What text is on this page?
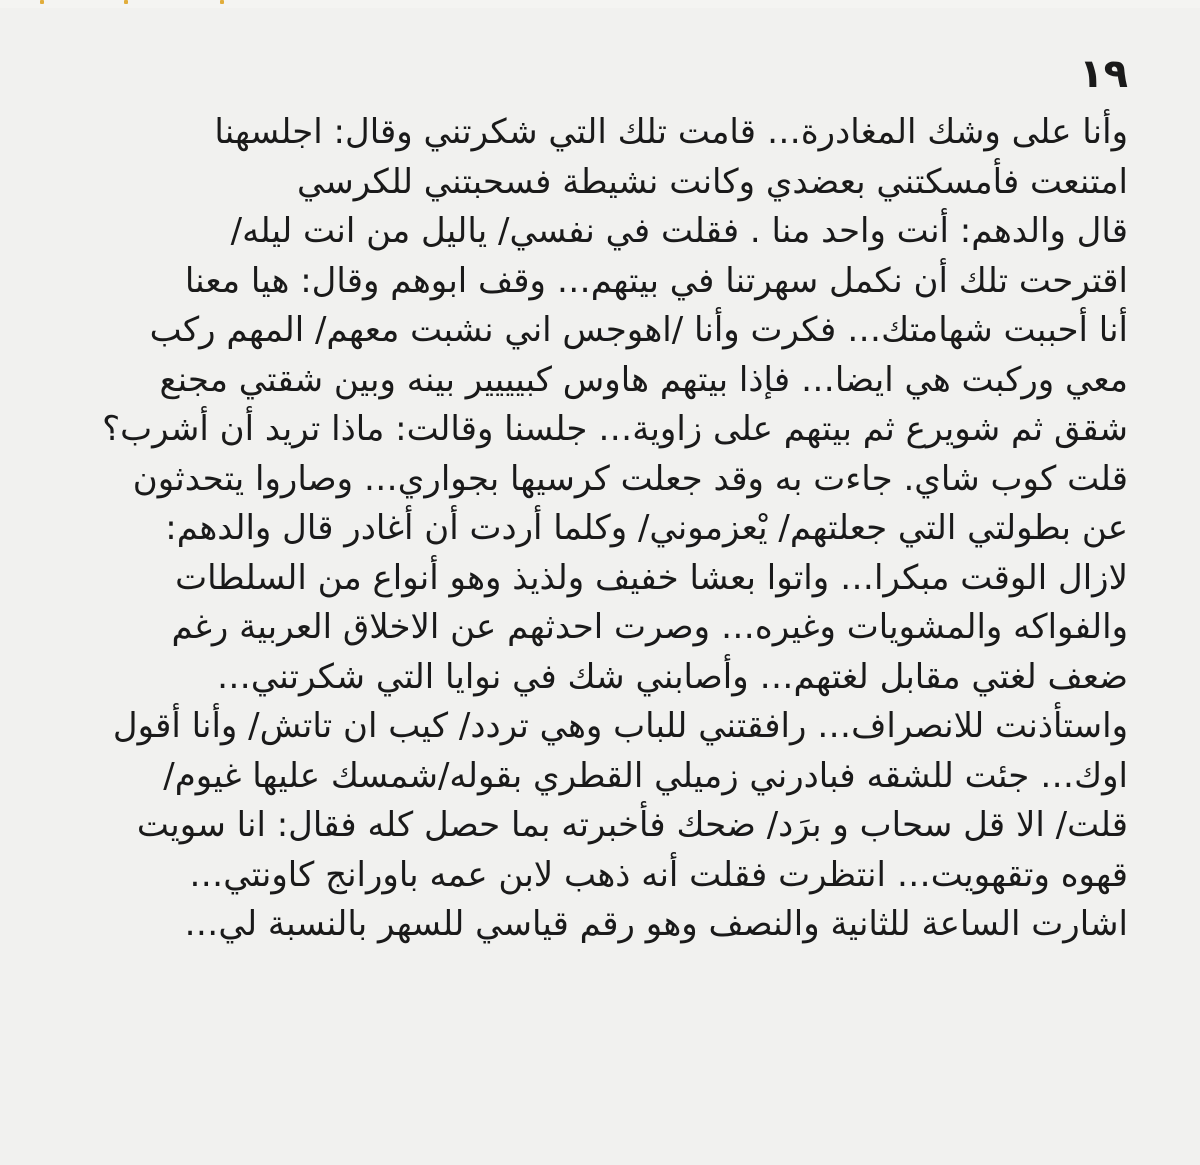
١٩
وأنا على وشك المغادرة… قامت تلك التي شكرتني وقال: اجلسهنا
امتنعت فأمسكتني بعضدي وكانت نشيطة فسحبتني للكرسي
قال والدهم: أنت واحد منا . فقلت في نفسي/ ياليل من انت ليله/
اقترحت تلك أن نكمل سهرتنا في بيتهم… وقف ابوهم وقال: هيا معنا
أنا أحببت شهامتك… فكرت وأنا /اهوجس اني نشبت معهم/ المهم ركب
معي وركبت هي ايضا… فإذا بيتهم هاوس كبيييير بينه وبين شقتي مجنع
شقق ثم شويرع ثم بيتهم على زاوية… جلسنا وقالت: ماذا تريد أن أشرب؟
قلت كوب شاي. جاءت به وقد جعلت كرسيها بجواري… وصاروا يتحدثون
عن بطولتي التي جعلتهم/ يْعزموني/ وكلما أردت أن أغادر قال والدهم:
لازال الوقت مبكرا… واتوا بعشا خفيف ولذيذ وهو أنواع من السلطات
والفواكه والمشويات وغيره… وصرت احدثهم عن الاخلاق العربية رغم
ضعف لغتي مقابل لغتهم… وأصابني شك في نوايا التي شكرتني…
واستأذنت للانصراف… رافقتني للباب وهي تردد/ كيب ان تاتش/ وأنا أقول
اوك… جئت للشقه فبادرني زميلي القطري بقوله/شمسك عليها غيوم/
قلت/ الا قل سحاب و برَد/ ضحك فأخبرته بما حصل كله فقال: انا سويت
قهوه وتقهويت… انتظرت فقلت أنه ذهب لابن عمه باورانج كاونتي…
اشارت الساعة للثانية والنصف وهو رقم قياسي للسهر بالنسبة لي…
